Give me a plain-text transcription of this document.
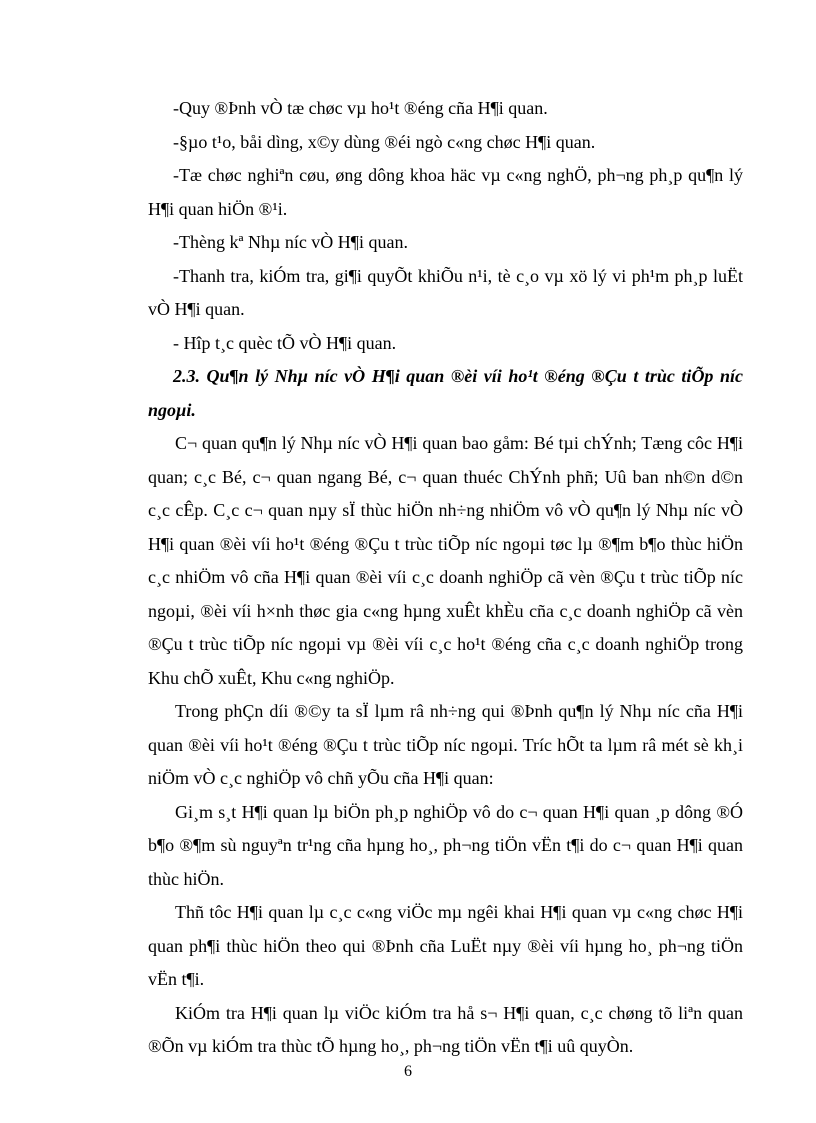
-Quy ®Þnh vÒ tæ chøc vµ ho¹t ®éng cña H¶i quan.

-§µo t¹o, båi dìng, x©y dùng ®éi ngò c«ng chøc H¶i quan.

-Tæ chøc nghiªn cøu, øng dông khoa häc vµ c«ng nghÖ, ph¬ng ph¸p qu¶n lý H¶i quan hiÖn ®¹i.

-Thèng kª Nhµ níc vÒ H¶i quan.

-Thanh tra, kiÓm tra, gi¶i quyÕt khiÕu n¹i, tè c¸o vµ xö lý vi ph¹m ph¸p luËt vÒ H¶i quan.

- Hîp t¸c quèc tÕ vÒ H¶i quan.

2.3. Qu¶n lý Nhµ níc vÒ H¶i quan ®èi víi ho¹t ®éng ®Çu t trùc tiÕp níc ngoµi.

C¬ quan qu¶n lý Nhµ níc vÒ H¶i quan bao gåm: Bé tµi chÝnh; Tæng côc H¶i quan; c¸c Bé, c¬ quan ngang Bé, c¬ quan thuéc ChÝnh phñ; Uû ban nh©n d©n c¸c cÊp. C¸c c¬ quan nµy sÏ thùc hiÖn nh÷ng nhiÖm vô vÒ qu¶n lý Nhµ níc vÒ H¶i quan ®èi víi ho¹t ®éng ®Çu t trùc tiÕp níc ngoµi tøc lµ ®¶m b¶o thùc hiÖn c¸c nhiÖm vô cña H¶i quan ®èi víi c¸c doanh nghiÖp cã vèn ®Çu t trùc tiÕp níc ngoµi, ®èi víi h×nh thøc gia c«ng hµng xuÊt khÈu cña c¸c doanh nghiÖp cã vèn ®Çu t trùc tiÕp níc ngoµi vµ ®èi víi c¸c ho¹t ®éng cña c¸c doanh nghiÖp trong Khu chÕ xuÊt, Khu c«ng nghiÖp.

Trong phÇn díi ®©y ta sÏ lµm râ nh÷ng qui ®Þnh qu¶n lý Nhµ níc cña H¶i quan ®èi víi ho¹t ®éng ®Çu t trùc tiÕp níc ngoµi. Tríc hÕt ta lµm râ mét sè kh¸i niÖm vÒ c¸c nghiÖp vô chñ yÕu cña H¶i quan:

Gi¸m s¸t H¶i quan lµ biÖn ph¸p nghiÖp vô do c¬ quan H¶i quan ¸p dông ®Ó b¶o ®¶m sù nguyªn tr¹ng cña hµng ho¸, ph¬ng tiÖn vËn t¶i do c¬ quan H¶i quan thùc hiÖn.

Thñ tôc H¶i quan lµ c¸c c«ng viÖc mµ ngêi khai H¶i quan vµ c«ng chøc H¶i quan ph¶i thùc hiÖn theo qui ®Þnh cña LuËt nµy ®èi víi hµng ho¸ ph¬ng tiÖn vËn t¶i.

KiÓm tra H¶i quan lµ viÖc kiÓm tra hå s¬ H¶i quan, c¸c chøng tõ liªn quan ®Õn vµ kiÓm tra thùc tÕ hµng ho¸, ph¬ng tiÖn vËn t¶i uû quyÒn.

6
